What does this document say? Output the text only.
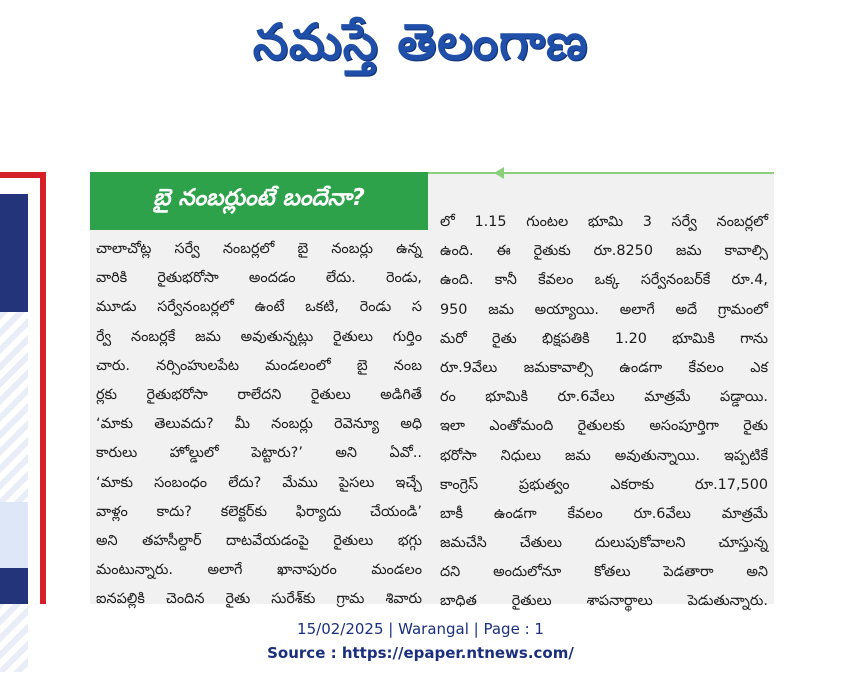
నమస్తే తెలంగాణ
బై నంబర్లుంటే బందేనా?
చాలాచోట్ల సర్వే నంబర్లలో బై నంబర్లు ఉన్న
వారికి రైతుభరోసా అందడం లేదు. రెండు,
మూడు సర్వేనంబర్లలో ఉంటే ఒకటి, రెండు స
ర్వే నంబర్లకే జమ అవుతున్నట్లు రైతులు గుర్తిం
చారు. నర్సింహులపేట మండలంలో బై నంబ
ర్లకు రైతుభరోసా రాలేదని రైతులు అడిగితే
‘మాకు తెలువదు? మీ నంబర్లు రెవెన్యూ అధి
కారులు హోల్డులో పెట్టారు?’ అని ఏవో..
‘మాకు సంబంధం లేదు? మేము పైసలు ఇచ్చే
వాళ్లం కాదు? కలెక్టర్‌కు ఫిర్యాదు చేయండి’
అని తహసీల్దార్ దాటవేయడంపై రైతులు భగ్గు
మంటున్నారు. అలాగే ఖానాపురం మండలం
ఐనపల్లికి చెందిన రైతు సురేశ్‌కు గ్రామ శివారు
లో 1.15 గుంటల భూమి 3 సర్వే నంబర్లలో
ఉంది. ఈ రైతుకు రూ.8250 జమ కావాల్సి
ఉంది. కానీ కేవలం ఒక్క సర్వేనంబర్‌కే రూ.4,
950 జమ అయ్యాయి. అలాగే అదే గ్రామంలో
మరో రైతు భిక్షపతికి 1.20 భూమికి గాను
రూ.9వేలు జమకావాల్సి ఉండగా కేవలం ఎక
రం భూమికి రూ.6వేలు మాత్రమే పడ్డాయి.
ఇలా ఎంతోమంది రైతులకు అసంపూర్తిగా రైతు
భరోసా నిధులు జమ అవుతున్నాయి. ఇప్పటికే
కాంగ్రెస్ ప్రభుత్వం ఎకరాకు రూ.17,500
బాకీ ఉండగా కేవలం రూ.6వేలు మాత్రమే
జమచేసి చేతులు దులుపుకోవాలని చూస్తున్న
దని అందులోనూ కోతలు పెడతారా అని
బాధిత రైతులు శాపనార్థాలు పెడుతున్నారు.
15/02/2025 | Warangal | Page : 1
Source : https://epaper.ntnews.com/
